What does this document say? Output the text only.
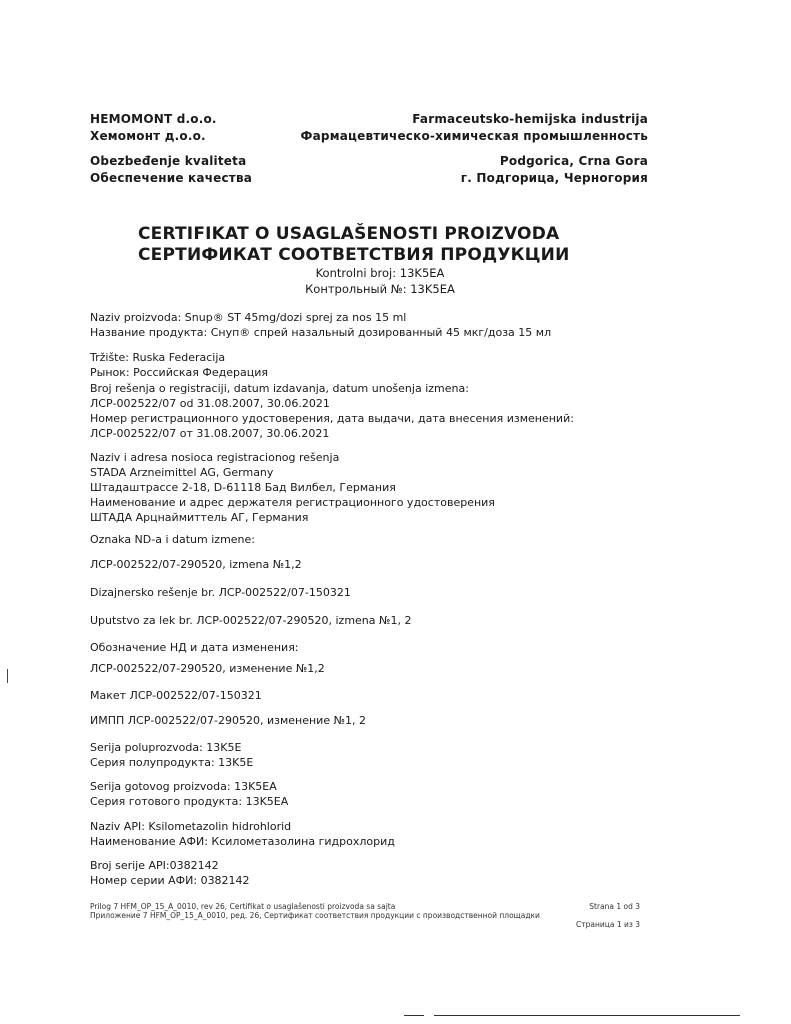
HEMOMONT d.o.o.
Хемомонт д.о.о.
Obezbeđenje kvaliteta
Обеспечение качества
Farmaceutsko-hemijska industrija
Фармацевтическо-химическая промышленность
Podgorica, Crna Gora
г. Подгорица, Черногория
CERTIFIKAT O USAGLAŠENOSTI PROIZVODA
СЕРТИФИКАТ СООТВЕТСТВИЯ ПРОДУКЦИИ
Kontrolni broj: 13K5EA
Контрольный №: 13K5EA
Naziv proizvoda: Snup® ST 45mg/dozi sprej za nos 15 ml
Название продукта: Снуп® спрей назальный дозированный 45 мкг/доза 15 мл
Tržište: Ruska Federacija
Рынок: Российская Федерация
Broj rešenja o registraciji, datum izdavanja, datum unošenja izmena:
ЛСР-002522/07 od 31.08.2007, 30.06.2021
Номер регистрационного удостоверения, дата выдачи, дата внесения изменений:
ЛСР-002522/07 от 31.08.2007, 30.06.2021
Naziv i adresa nosioca registracionog rešenja
STADA Arzneimittel AG, Germany
Штадаштрассе 2-18, D-61118 Бад Вилбел, Германия
Наименование и адрес держателя регистрационного удостоверения
ШТАДА Арцнаймиттель АГ, Германия
Oznaka ND-a i datum izmene:
ЛСР-002522/07-290520, izmena №1,2
Dizajnersko rešenje br. ЛСР-002522/07-150321
Uputstvo za lek br. ЛСР-002522/07-290520, izmena №1, 2
Обозначение НД и дата изменения:
ЛСР-002522/07-290520, изменение №1,2
Макет ЛСР-002522/07-150321
ИМПП ЛСР-002522/07-290520, изменение №1, 2
Serija poluprozvoda: 13K5E
Серия полупродукта: 13K5E
Serija gotovog proizvoda: 13K5EA
Серия готового продукта: 13K5EA
Naziv API: Ksilometazolin hidrohlorid
Наименование АФИ: Ксилометазолина гидрохлорид
Broj serije API:0382142
Номер серии АФИ: 0382142
Prilog 7 HFM_OP_15_A_0010, rev 26, Certifikat o usaglašenosti proizvoda sa sajta	Strana 1 od 3
Приложение 7 HFM_OP_15_A_0010, ред. 26, Сертификат соответствия продукции с производственной площадки
Страница 1 из 3
